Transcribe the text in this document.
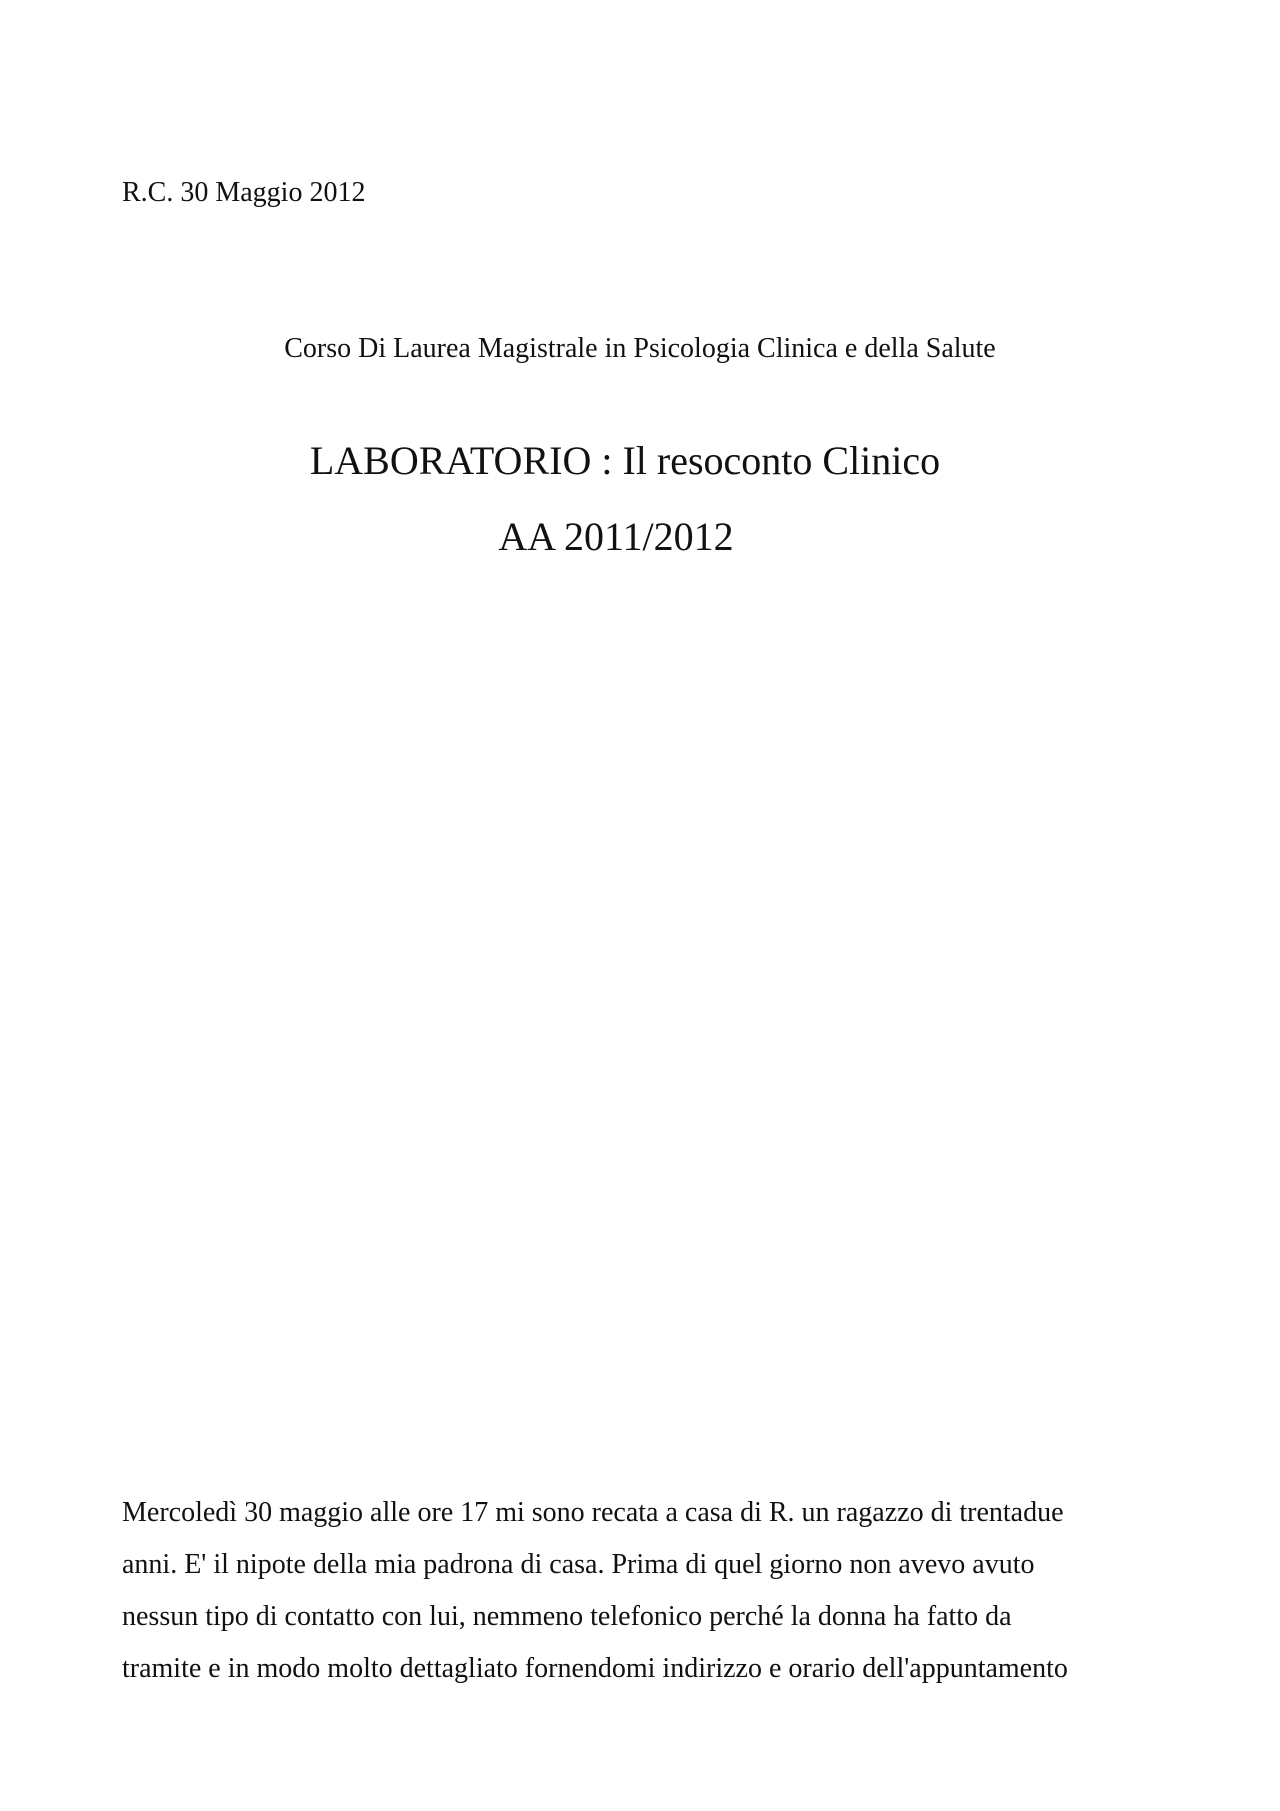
R.C. 30 Maggio 2012
Corso Di Laurea Magistrale in Psicologia Clinica e della Salute
LABORATORIO : Il resoconto Clinico
AA 2011/2012
Mercoledì 30 maggio alle ore 17 mi sono recata a casa di R. un ragazzo di trentadue
anni. E' il nipote della mia padrona di casa. Prima di quel giorno non avevo avuto
nessun tipo di contatto con lui, nemmeno telefonico perché la donna ha fatto da
tramite e in modo molto dettagliato fornendomi indirizzo e orario dell'appuntamento
